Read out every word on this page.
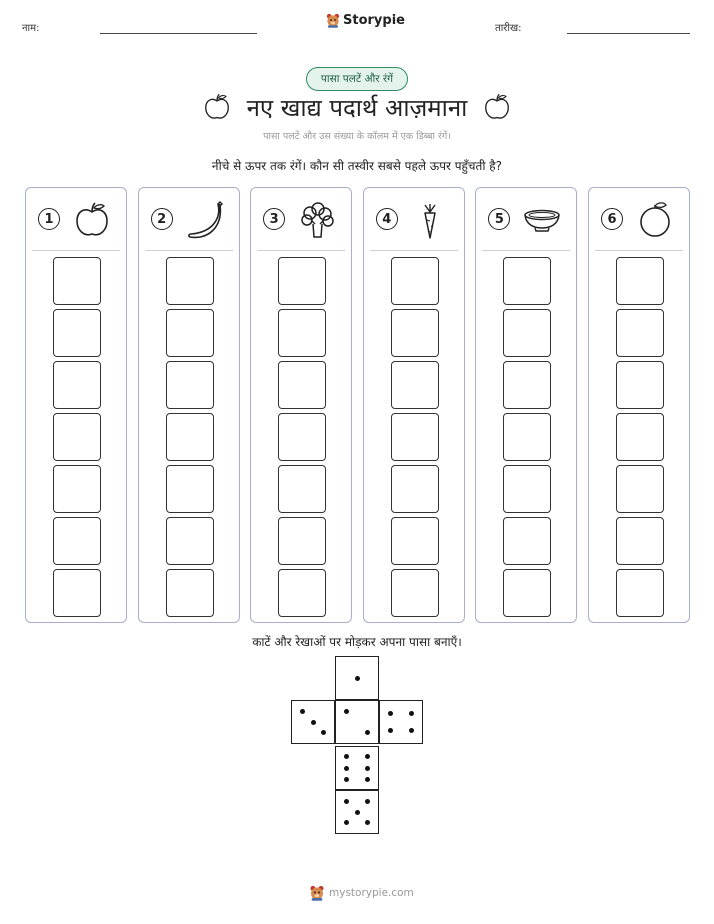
नाम:
Storypie
तारीख:
पासा पलटें और रंगें
नए खाद्य पदार्थ आज़माना
पासा पलटें और उस संख्या के कॉलम में एक डिब्बा रंगें।
नीचे से ऊपर तक रंगें। कौन सी तस्वीर सबसे पहले ऊपर पहुँचती है?
1	2	3	4	5	6
काटें और रेखाओं पर मोड़कर अपना पासा बनाएँ।
mystorypie.com
